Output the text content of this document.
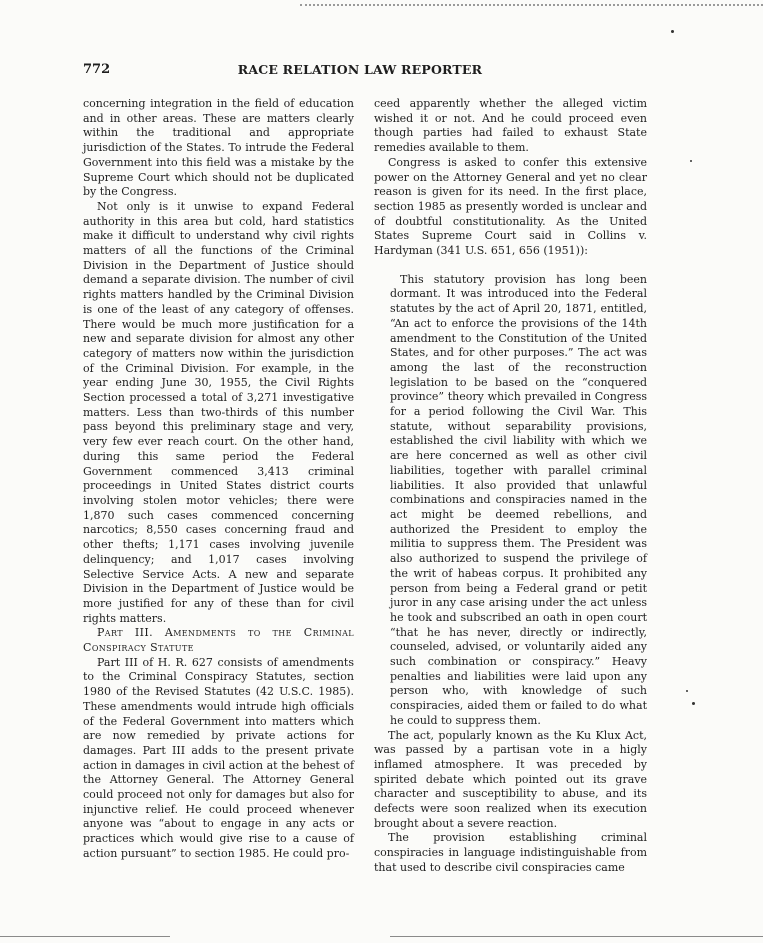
772	RACE RELATION LAW REPORTER

concerning integration in the field of education and in other areas. These are matters clearly within the traditional and appropriate jurisdiction of the States. To intrude the Federal Government into this field was a mistake by the Supreme Court which should not be duplicated by the Congress.

Not only is it unwise to expand Federal authority in this area but cold, hard statistics make it difficult to understand why civil rights matters of all the functions of the Criminal Division in the Department of Justice should demand a separate division. The number of civil rights matters handled by the Criminal Division is one of the least of any category of offenses. There would be much more justification for a new and separate division for almost any other category of matters now within the jurisdiction of the Criminal Division. For example, in the year ending June 30, 1955, the Civil Rights Section processed a total of 3,271 investigative matters. Less than two-thirds of this number pass beyond this preliminary stage and very, very few ever reach court. On the other hand, during this same period the Federal Government commenced 3,413 criminal proceedings in United States district courts involving stolen motor vehicles; there were 1,870 such cases commenced concerning narcotics; 8,550 cases concerning fraud and other thefts; 1,171 cases involving juvenile delinquency; and 1,017 cases involving Selective Service Acts. A new and separate Division in the Department of Justice would be more justified for any of these than for civil rights matters.

Part III. Amendments to the Criminal Conspiracy Statute

Part III of H. R. 627 consists of amendments to the Criminal Conspiracy Statutes, section 1980 of the Revised Statutes (42 U.S.C. 1985). These amendments would intrude high officials of the Federal Government into matters which are now remedied by private actions for damages. Part III adds to the present private action in damages in civil action at the behest of the Attorney General. The Attorney General could proceed not only for damages but also for injunctive relief. He could proceed whenever anyone was “about to engage in any acts or practices which would give rise to a cause of action pursuant” to section 1985. He could pro-

ceed apparently whether the alleged victim wished it or not. And he could proceed even though parties had failed to exhaust State remedies available to them.

Congress is asked to confer this extensive power on the Attorney General and yet no clear reason is given for its need. In the first place, section 1985 as presently worded is unclear and of doubtful constitutionality. As the United States Supreme Court said in Collins v. Hardyman (341 U.S. 651, 656 (1951)):

This statutory provision has long been dormant. It was introduced into the Federal statutes by the act of April 20, 1871, entitled, “An act to enforce the provisions of the 14th amendment to the Constitution of the United States, and for other purposes.” The act was among the last of the reconstruction legislation to be based on the “conquered province” theory which prevailed in Congress for a period following the Civil War. This statute, without separability provisions, established the civil liability with which we are here concerned as well as other civil liabilities, together with parallel criminal liabilities. It also provided that unlawful combinations and conspiracies named in the act might be deemed rebellions, and authorized the President to employ the militia to suppress them. The President was also authorized to suspend the privilege of the writ of habeas corpus. It prohibited any person from being a Federal grand or petit juror in any case arising under the act unless he took and subscribed an oath in open court “that he has never, directly or indirectly, counseled, advised, or voluntarily aided any such combination or conspiracy.” Heavy penalties and liabilities were laid upon any person who, with knowledge of such conspiracies, aided them or failed to do what he could to suppress them.

The act, popularly known as the Ku Klux Act, was passed by a partisan vote in a higly inflamed atmosphere. It was preceded by spirited debate which pointed out its grave character and susceptibility to abuse, and its defects were soon realized when its execution brought about a severe reaction.

The provision establishing criminal conspiracies in language indistinguishable from that used to describe civil conspiracies came
